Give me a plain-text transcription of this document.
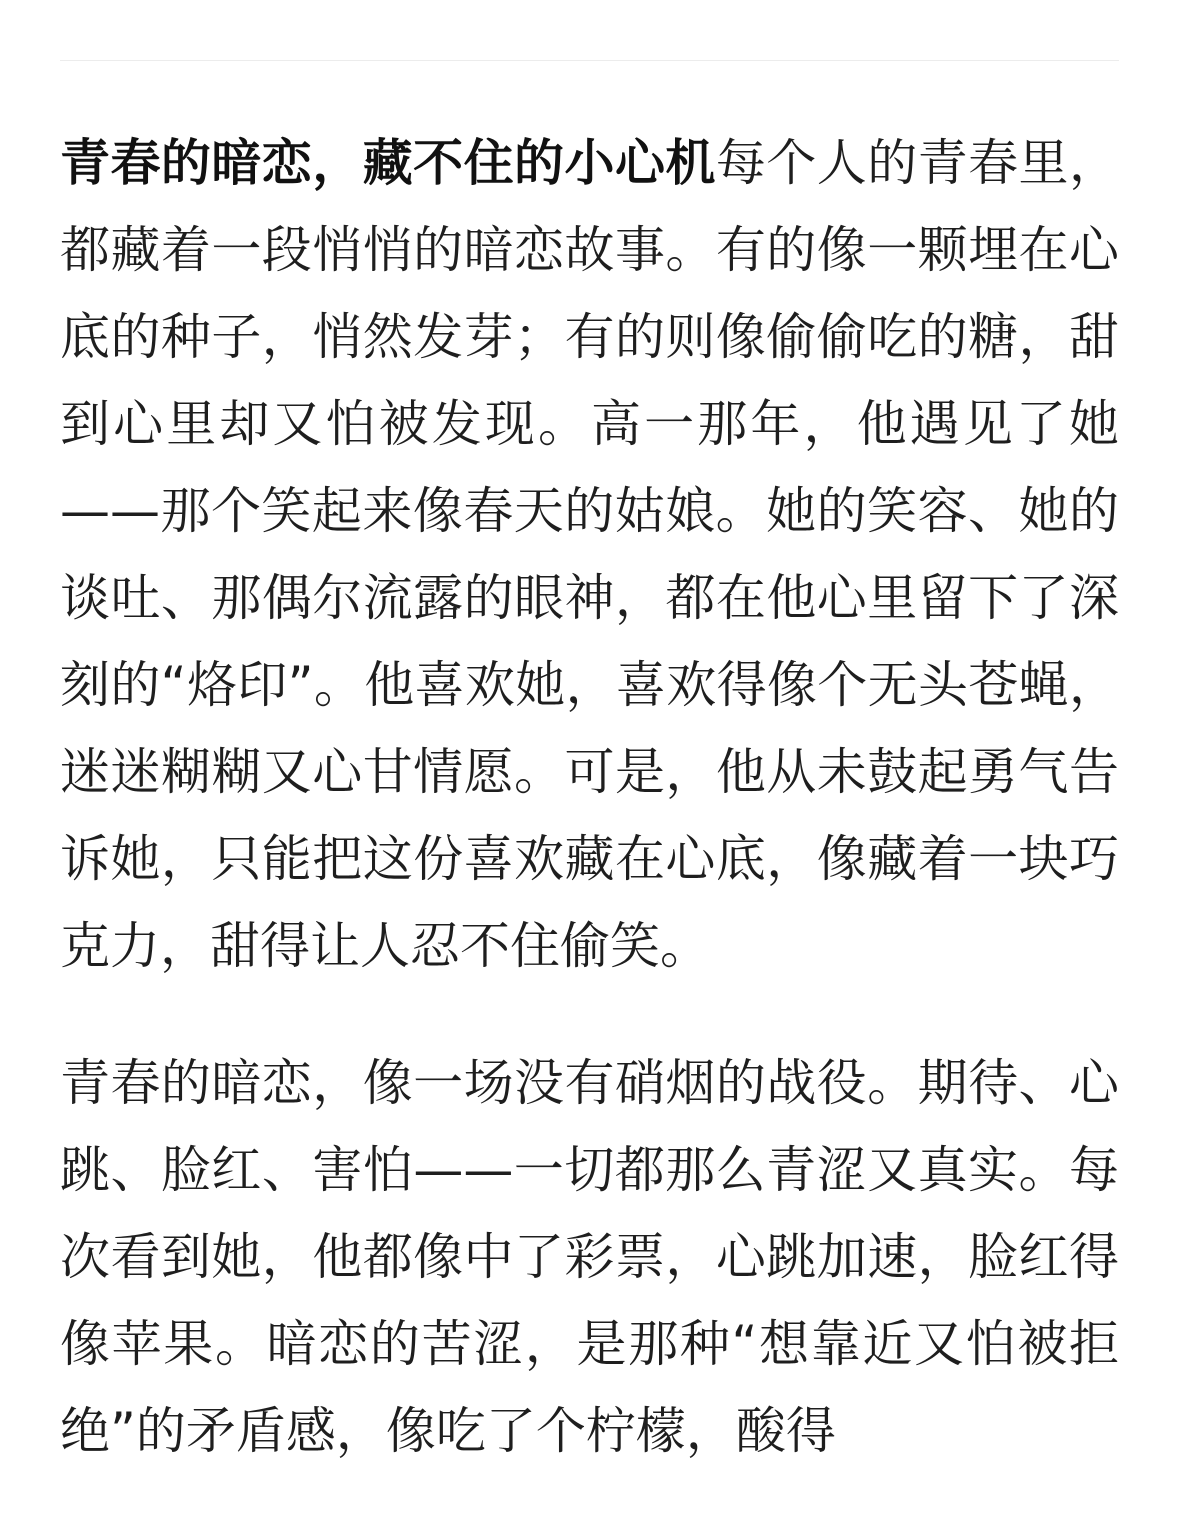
青春的暗恋，藏不住的小心机每个人的青春里，都藏着一段悄悄的暗恋故事。有的像一颗埋在心底的种子，悄然发芽；有的则像偷偷吃的糖，甜到心里却又怕被发现。高一那年，他遇见了她——那个笑起来像春天的姑娘。她的笑容、她的谈吐、那偶尔流露的眼神，都在他心里留下了深刻的“烙印”。他喜欢她，喜欢得像个无头苍蝇，迷迷糊糊又心甘情愿。可是，他从未鼓起勇气告诉她，只能把这份喜欢藏在心底，像藏着一块巧克力，甜得让人忍不住偷笑。

青春的暗恋，像一场没有硝烟的战役。期待、心跳、脸红、害怕——一切都那么青涩又真实。每次看到她，他都像中了彩票，心跳加速，脸红得像苹果。暗恋的苦涩，是那种“想靠近又怕被拒绝”的矛盾感，像吃了个柠檬，酸得
